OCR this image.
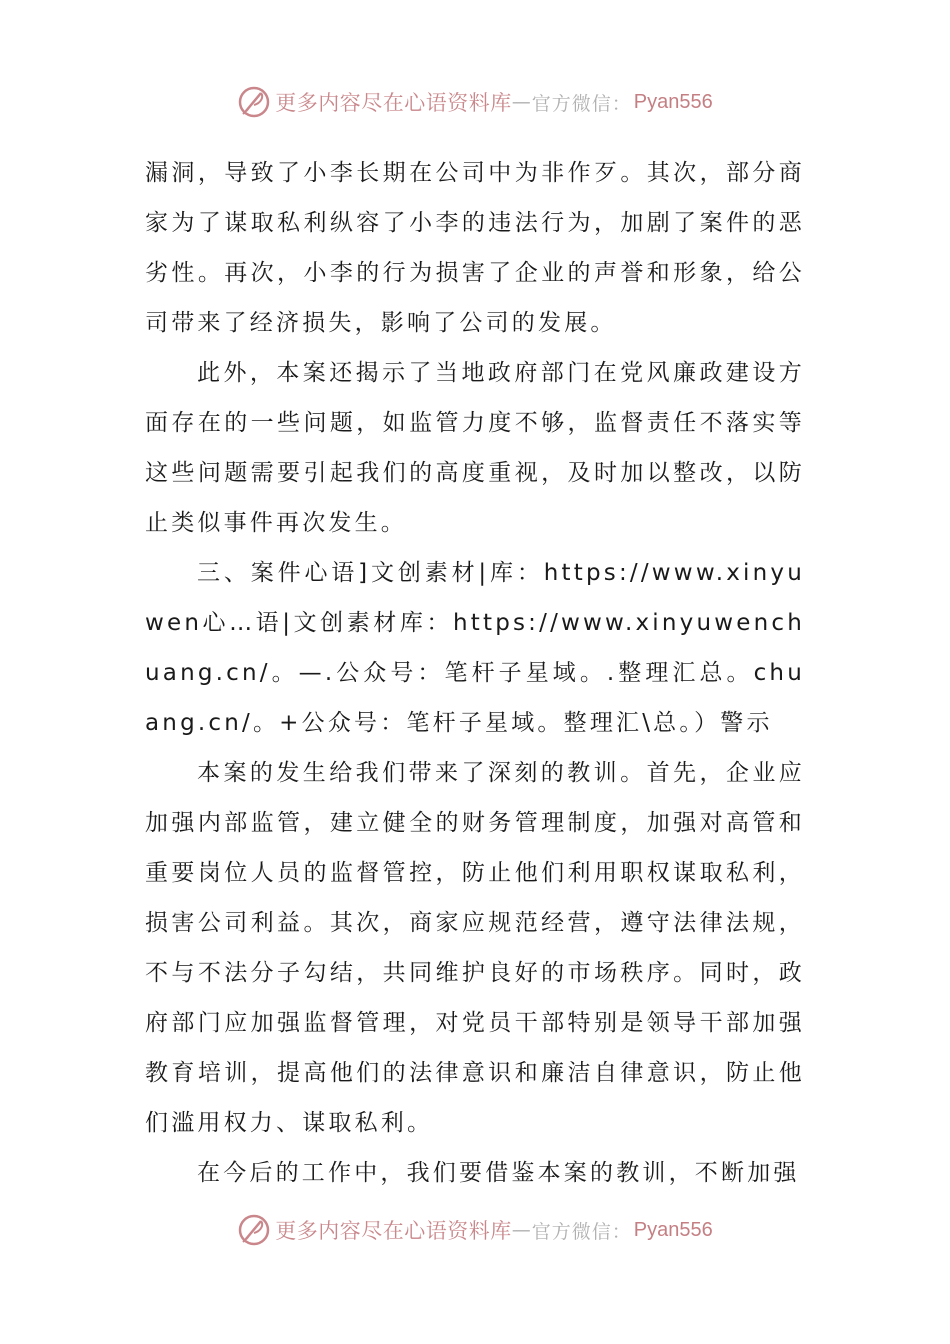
更多内容尽在心语资料库 — 官方微信： Pyan556

漏洞，导致了小李长期在公司中为非作歹。其次，部分商家为了谋取私利纵容了小李的违法行为，加剧了案件的恶劣性。再次，小李的行为损害了企业的声誉和形象，给公司带来了经济损失，影响了公司的发展。

此外，本案还揭示了当地政府部门在党风廉政建设方面存在的一些问题，如监管力度不够，监督责任不落实等这些问题需要引起我们的高度重视，及时加以整改，以防止类似事件再次发生。

三、案件心语]文创素材|库：https://www.xinyuwen心…语|文创素材库：https://www.xinyuwenchuang.cn/。—.公众号：笔杆子星域。.整理汇总。chuang.cn/。+公众号：笔杆子星域。整理汇\总。）警示

本案的发生给我们带来了深刻的教训。首先，企业应加强内部监管，建立健全的财务管理制度，加强对高管和重要岗位人员的监督管控，防止他们利用职权谋取私利，损害公司利益。其次，商家应规范经营，遵守法律法规，不与不法分子勾结，共同维护良好的市场秩序。同时，政府部门应加强监督管理，对党员干部特别是领导干部加强教育培训，提高他们的法律意识和廉洁自律意识，防止他们滥用权力、谋取私利。

在今后的工作中，我们要借鉴本案的教训，不断加强

更多内容尽在心语资料库 — 官方微信： Pyan556
